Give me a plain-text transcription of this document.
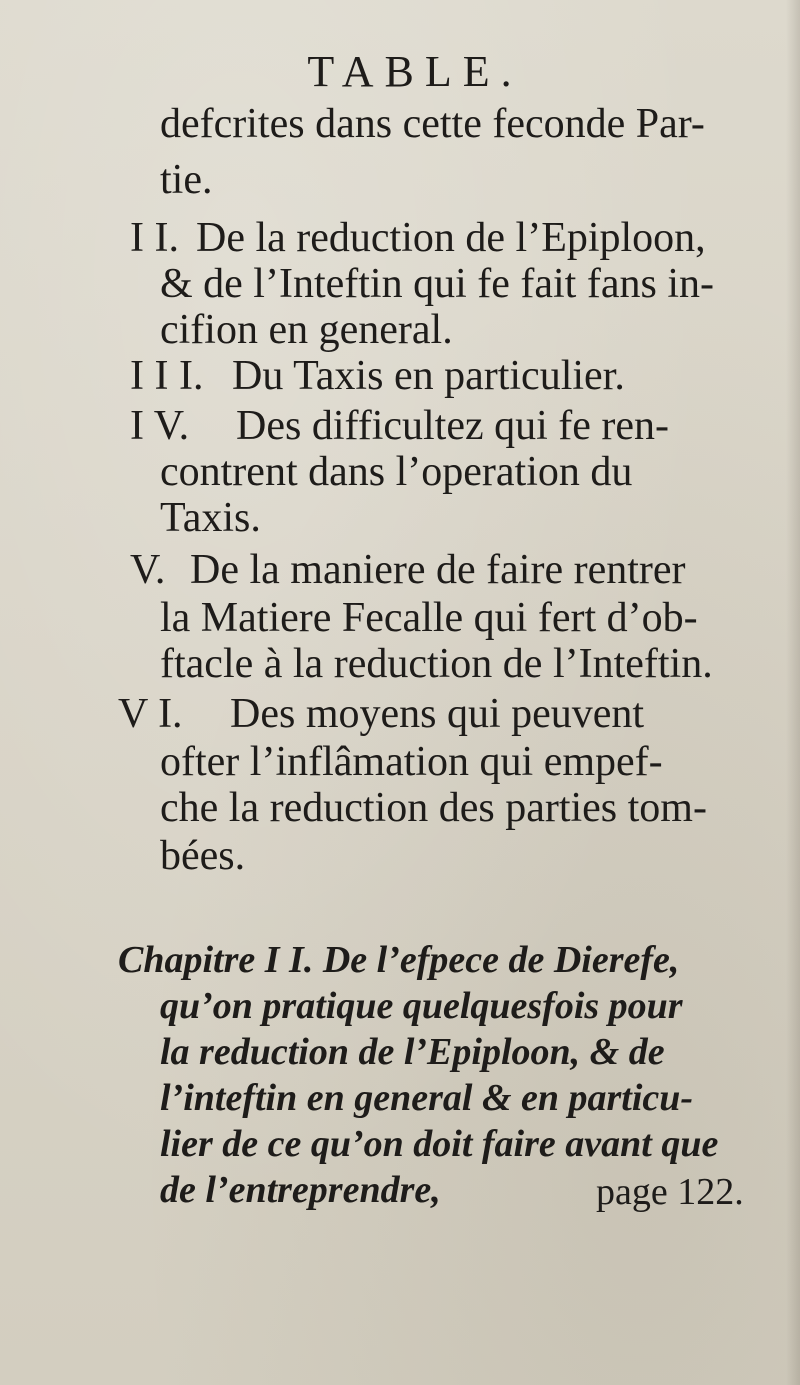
TABLE.
defcrites dans cette feconde Par-
tie.
I I. De la reduction de l’Epiploon,
& de l’Inteftin qui fe fait fans in-
cifion en general.
I I I. Du Taxis en particulier.
I V. Des difficultez qui fe ren-
contrent dans l’operation du
Taxis.
V. De la maniere de faire rentrer
la Matiere Fecalle qui fert d’ob-
ftacle à la reduction de l’Inteftin.
V I. Des moyens qui peuvent
ofter l’inflâmation qui empef-
che la reduction des parties tom-
bées.
Chapitre I I. De l’efpece de Dierefe,
qu’on pratique quelquesfois pour
la reduction de l’Epiploon, & de
l’inteftin en general & en particu-
lier de ce qu’on doit faire avant que
de l’entreprendre,	page 122.
